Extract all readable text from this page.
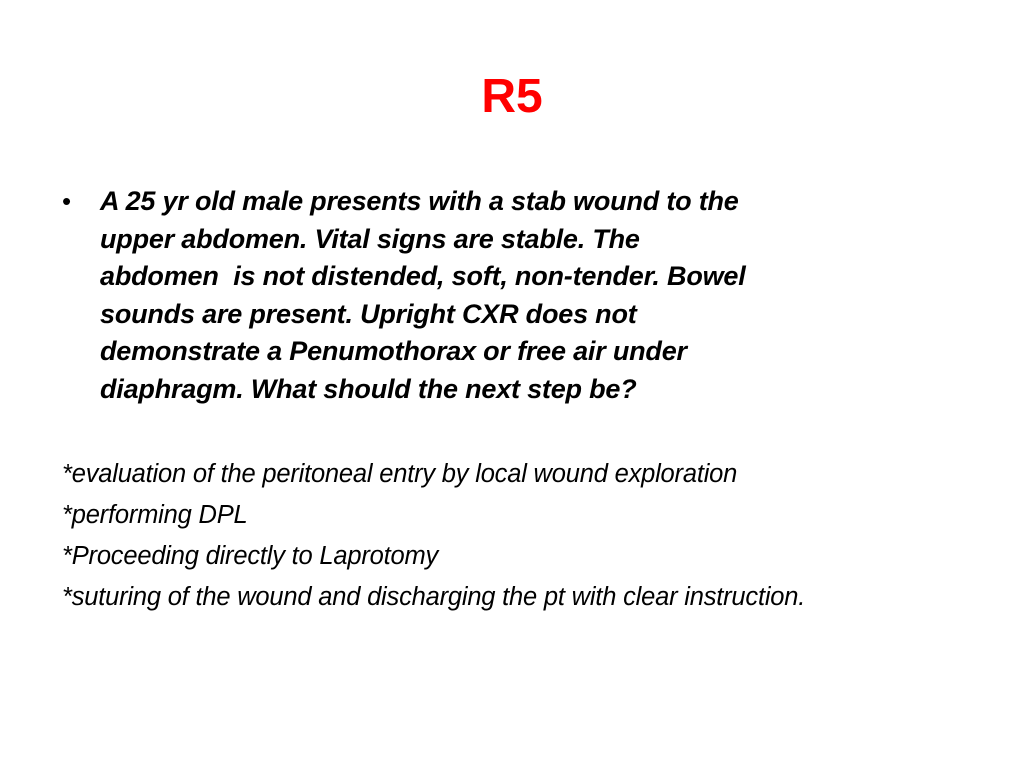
R5
•	A 25 yr old male presents with a stab wound to the
upper abdomen. Vital signs are stable. The
abdomen  is not distended, soft, non-tender. Bowel
sounds are present. Upright CXR does not
demonstrate a Penumothorax or free air under
diaphragm. What should the next step be?
*evaluation of the peritoneal entry by local wound exploration
*performing DPL
*Proceeding directly to Laprotomy
*suturing of the wound and discharging the pt with clear instruction.
